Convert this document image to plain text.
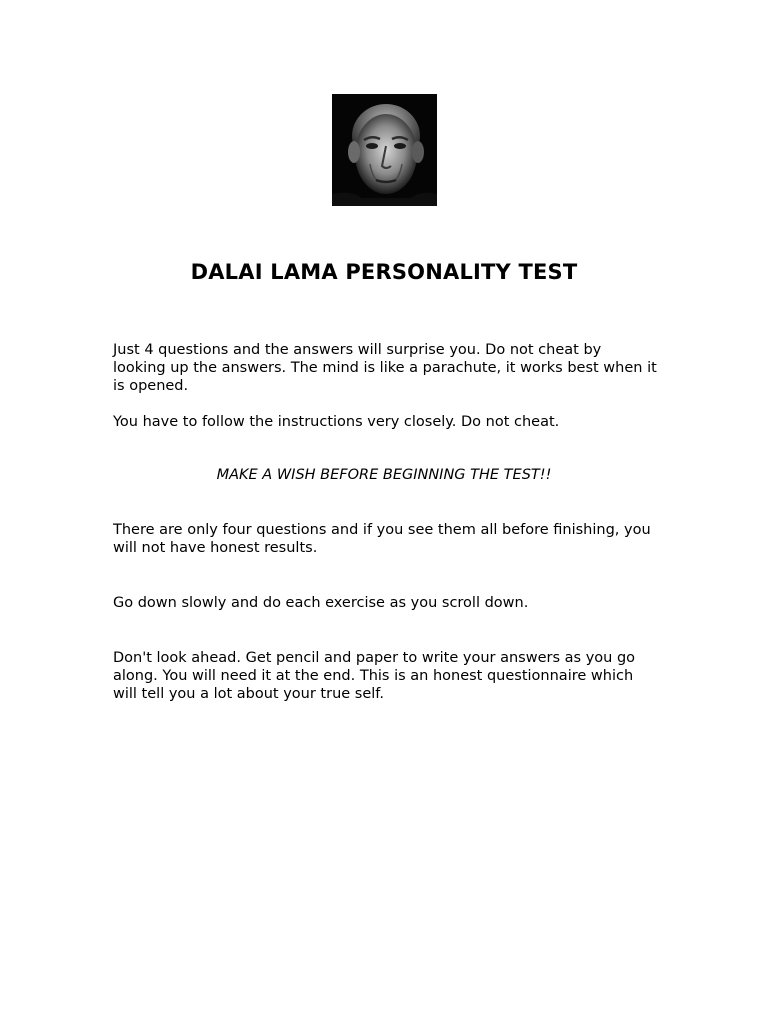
DALAI LAMA PERSONALITY TEST

Just 4 questions and the answers will surprise you. Do not cheat by looking up the answers. The mind is like a parachute, it works best when it is opened.

You have to follow the instructions very closely. Do not cheat.

MAKE A WISH BEFORE BEGINNING THE TEST!!

There are only four questions and if you see them all before finishing, you will not have honest results.

Go down slowly and do each exercise as you scroll down.

Don't look ahead. Get pencil and paper to write your answers as you go along. You will need it at the end. This is an honest questionnaire which will tell you a lot about your true self.
